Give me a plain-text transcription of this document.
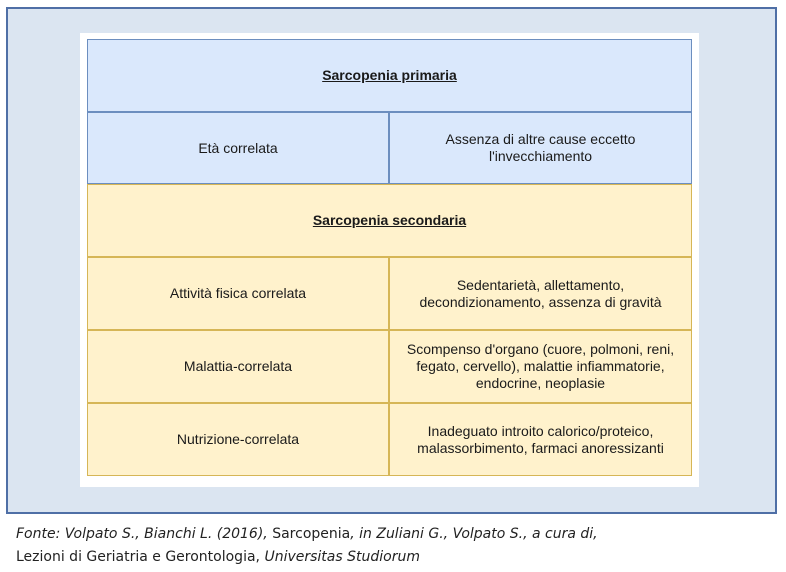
Sarcopenia primaria
Età correlata
Assenza di altre cause eccetto l'invecchiamento
Sarcopenia secondaria
Attività fisica correlata
Sedentarietà, allettamento, decondizionamento, assenza di gravità
Malattia-correlata
Scompenso d'organo (cuore, polmoni, reni, fegato, cervello), malattie infiammatorie, endocrine, neoplasie
Nutrizione-correlata
Inadeguato introito calorico/proteico, malassorbimento, farmaci anoressizanti
Fonte: Volpato S., Bianchi L. (2016), Sarcopenia, in Zuliani G., Volpato S., a cura di,
Lezioni di Geriatria e Gerontologia, Universitas Studiorum
